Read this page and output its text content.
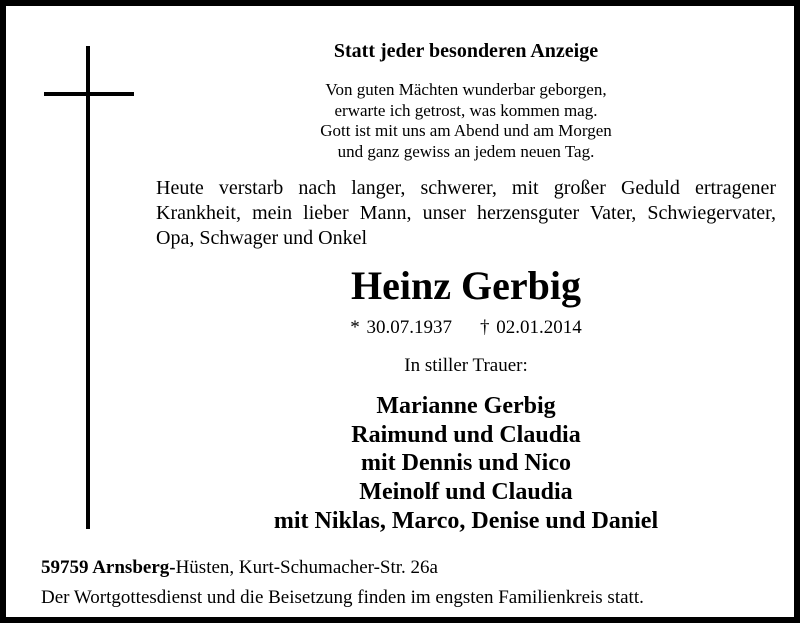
Statt jeder besonderen Anzeige
Von guten Mächten wunderbar geborgen,
erwarte ich getrost, was kommen mag.
Gott ist mit uns am Abend und am Morgen
und ganz gewiss an jedem neuen Tag.
Heute verstarb nach langer, schwerer, mit großer Geduld ertragener
Krankheit, mein lieber Mann, unser herzensguter Vater, Schwiegervater,
Opa, Schwager und Onkel
Heinz Gerbig
* 30.07.1937 † 02.01.2014
In stiller Trauer:
Marianne Gerbig
Raimund und Claudia
mit Dennis und Nico
Meinolf und Claudia
mit Niklas, Marco, Denise und Daniel
59759 Arnsberg-Hüsten, Kurt-Schumacher-Str. 26a
Der Wortgottesdienst und die Beisetzung finden im engsten Familienkreis statt.
